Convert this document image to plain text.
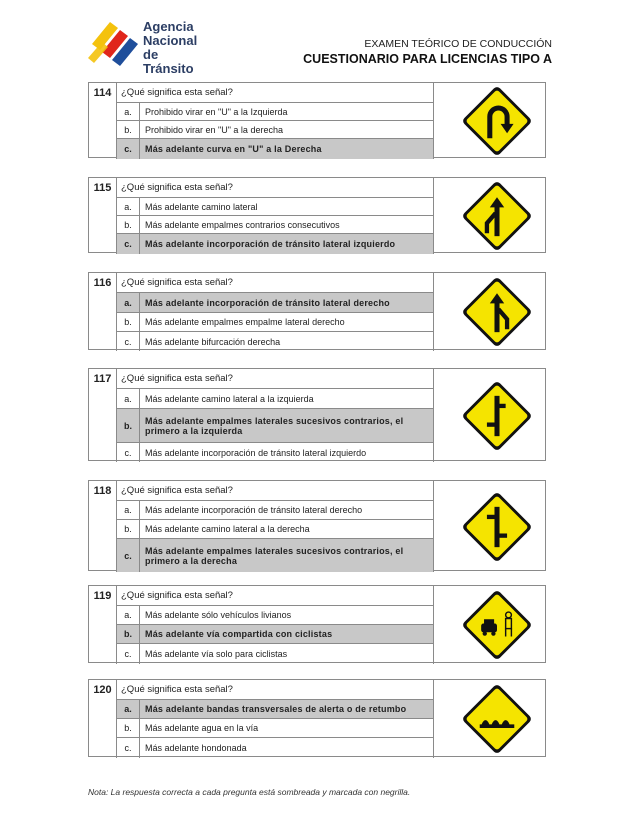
Agencia
Nacional
de Tránsito
EXAMEN TEÓRICO DE CONDUCCIÓN
CUESTIONARIO PARA LICENCIAS TIPO A
114	¿Qué significa esta señal?
a.	Prohibido virar en "U" a la Izquierda
b.	Prohibido virar en "U" a la derecha
c.	Más adelante curva en "U" a la Derecha
115	¿Qué significa esta señal?
a.	Más adelante camino lateral
b.	Más adelante empalmes contrarios consecutivos
c.	Más adelante incorporación de tránsito lateral izquierdo
116	¿Qué significa esta señal?
a.	Más adelante incorporación de tránsito lateral derecho
b.	Más adelante empalmes empalme lateral derecho
c.	Más adelante bifurcación derecha
117	¿Qué significa esta señal?
a.	Más adelante camino lateral a la izquierda
b.	Más adelante empalmes laterales sucesivos contrarios, el primero a la izquierda
c.	Más adelante incorporación de tránsito lateral izquierdo
118	¿Qué significa esta señal?
a.	Más adelante incorporación de tránsito lateral derecho
b.	Más adelante camino lateral a la derecha
c.	Más adelante empalmes laterales sucesivos contrarios, el primero a la derecha
119	¿Qué significa esta señal?
a.	Más adelante sólo vehículos livianos
b.	Más adelante vía compartida con ciclistas
c.	Más adelante vía solo para ciclistas
120 ¿Qué significa esta señal?
a.	Más adelante bandas transversales de alerta o de retumbo
b.	Más adelante agua en la vía
c.	Más adelante hondonada
Nota: La respuesta correcta a cada pregunta está sombreada y marcada con negrilla.
